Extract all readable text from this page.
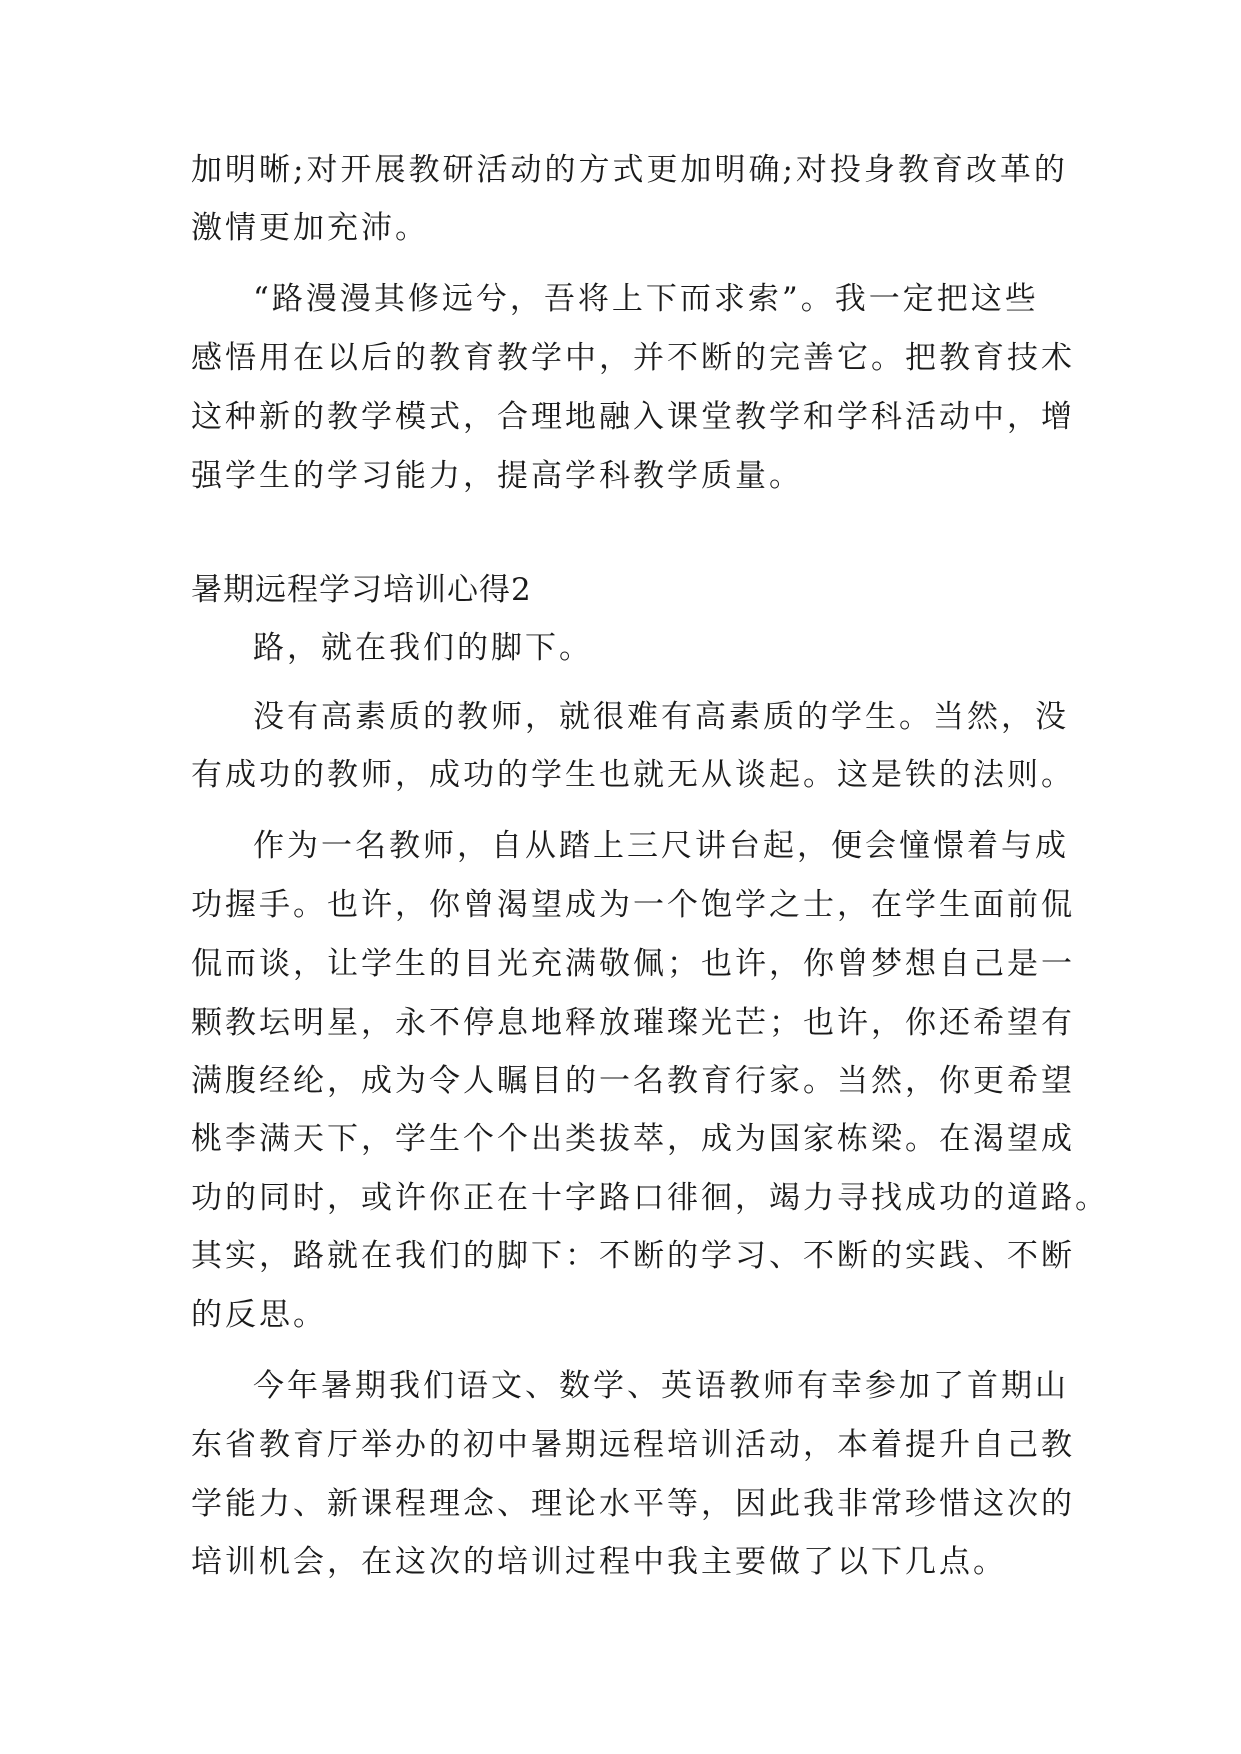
加明晰;对开展教研活动的方式更加明确;对投身教育改革的

激情更加充沛。

“路漫漫其修远兮，吾将上下而求索”。我一定把这些

感悟用在以后的教育教学中，并不断的完善它。把教育技术

这种新的教学模式，合理地融入课堂教学和学科活动中，增

强学生的学习能力，提高学科教学质量。

暑期远程学习培训心得2

路，就在我们的脚下。

没有高素质的教师，就很难有高素质的学生。当然，没

有成功的教师，成功的学生也就无从谈起。这是铁的法则。

作为一名教师，自从踏上三尺讲台起，便会憧憬着与成

功握手。也许，你曾渴望成为一个饱学之士，在学生面前侃

侃而谈，让学生的目光充满敬佩；也许，你曾梦想自己是一

颗教坛明星，永不停息地释放璀璨光芒；也许，你还希望有

满腹经纶，成为令人瞩目的一名教育行家。当然，你更希望

桃李满天下，学生个个出类拔萃，成为国家栋梁。在渴望成

功的同时，或许你正在十字路口徘徊，竭力寻找成功的道路。

其实，路就在我们的脚下：不断的学习、不断的实践、不断

的反思。

今年暑期我们语文、数学、英语教师有幸参加了首期山

东省教育厅举办的初中暑期远程培训活动，本着提升自己教

学能力、新课程理念、理论水平等，因此我非常珍惜这次的

培训机会，在这次的培训过程中我主要做了以下几点。
